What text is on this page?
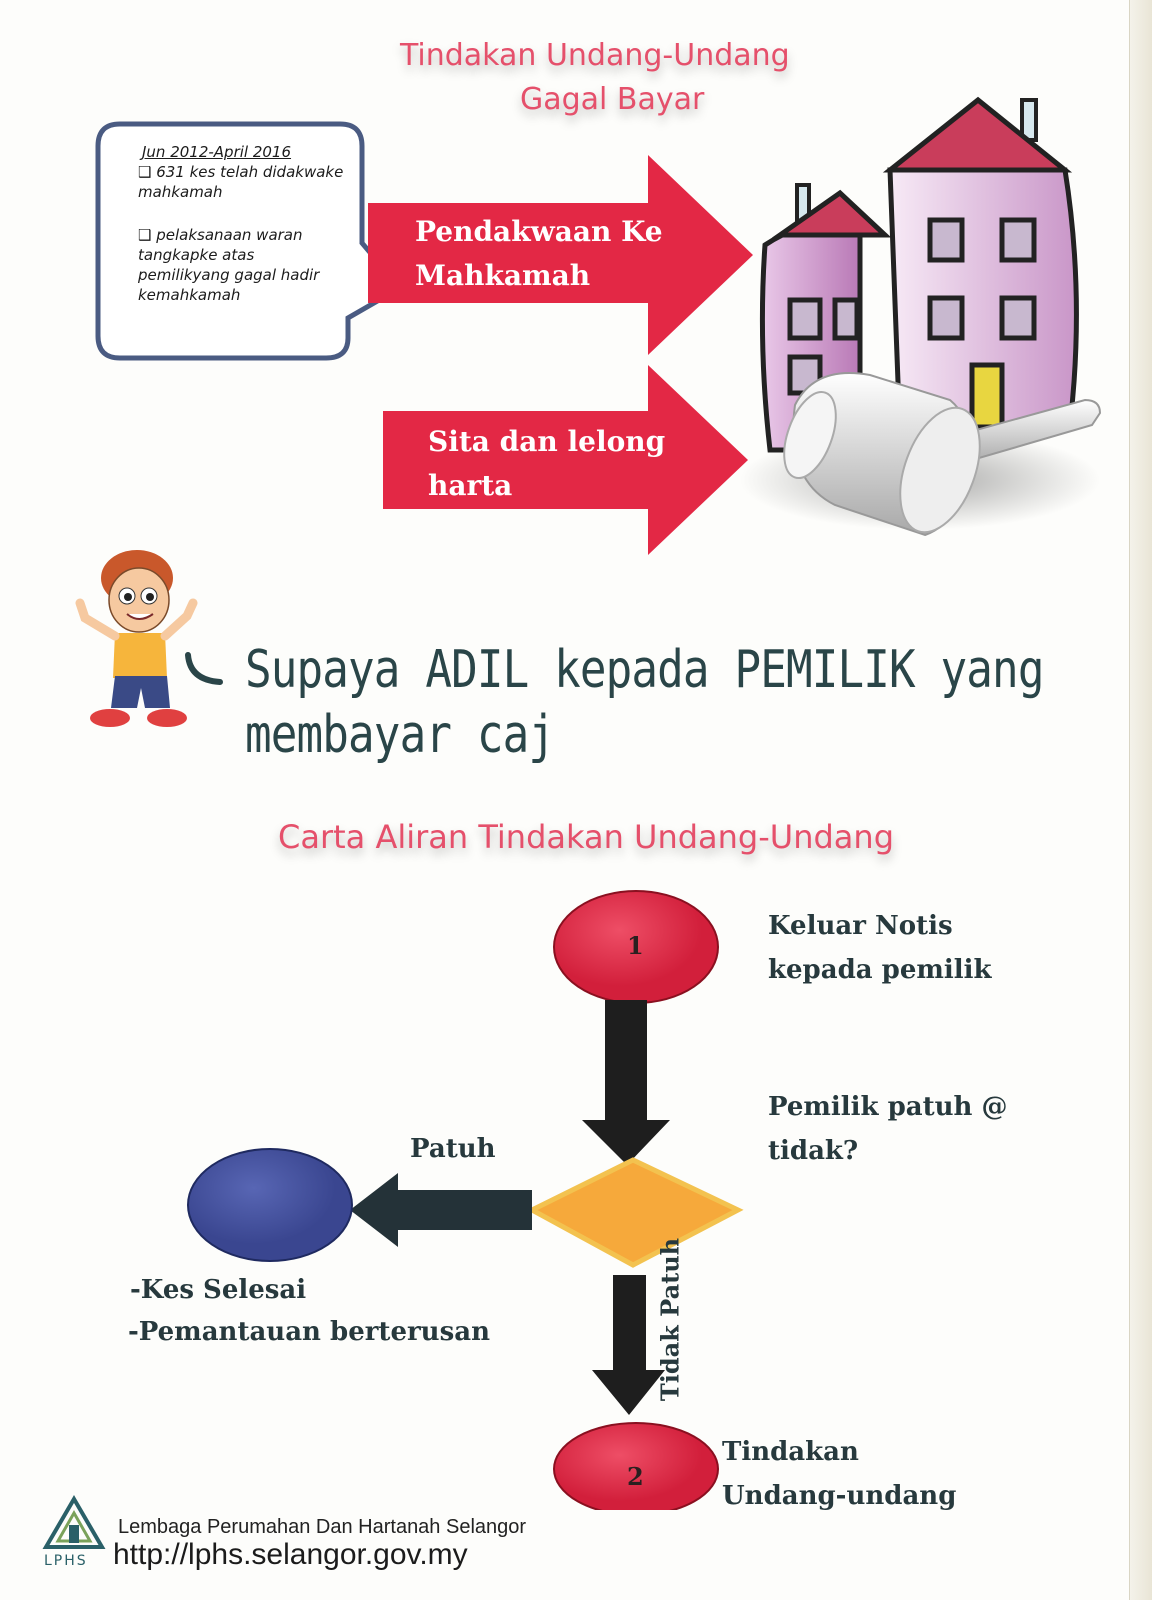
Tindakan Undang-Undang
Gagal Bayar
Jun 2012-April 2016
❑ 631 kes telah didakwake mahkamah
❑ pelaksanaan waran tangkapke atas pemilikyang gagal hadir kemahkamah
Pendakwaan Ke
Mahkamah
Sita dan lelong
harta
Supaya ADIL kepada PEMILIK yang
membayar caj
Carta Aliran Tindakan Undang-Undang
1
2
Keluar Notis
kepada pemilik
Pemilik patuh @
tidak?
Patuh
-Kes Selesai
-Pemantauan berterusan	Tidak Patuh
Tindakan
Undang-undang
LPHS
Lembaga Perumahan Dan Hartanah Selangor
http://lphs.selangor.gov.my
